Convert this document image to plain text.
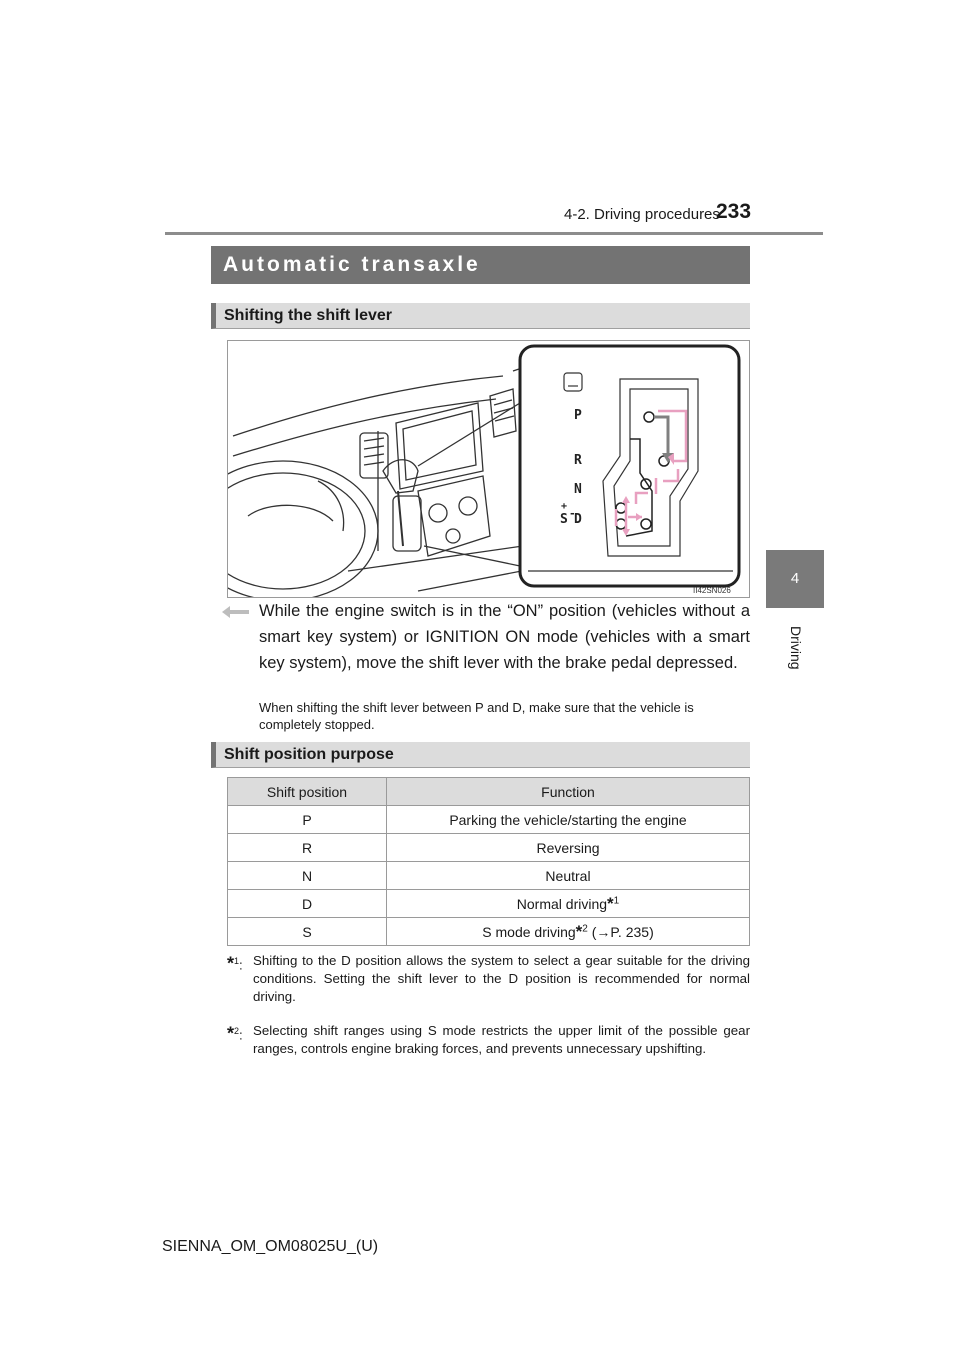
4-2. Driving procedures
233
4
Driving
Automatic transaxle
Shifting the shift lever
P
R
N
S D
+
-
II42SN026
While the engine switch is in the “ON” position (vehicles without a smart key system) or IGNITION ON mode (vehicles with a smart key system), move the shift lever with the brake pedal depressed.
When shifting the shift lever between P and D, make sure that the vehicle is completely stopped.
Shift position purpose
Shift position	Function
P	Parking the vehicle/starting the engine
R	Reversing
N	Neutral
D	Normal driving*$^1$
S	S mode driving*$^2$ (→P. 235)
*$^1$: Shifting to the D position allows the system to select a gear suitable for the driving conditions. Setting the shift lever to the D position is recommended for normal driving.
*$^2$: Selecting shift ranges using S mode restricts the upper limit of the possible gear ranges, controls engine braking forces, and prevents unnecessary upshifting.
SIENNA_OM_OM08025U_(U)
